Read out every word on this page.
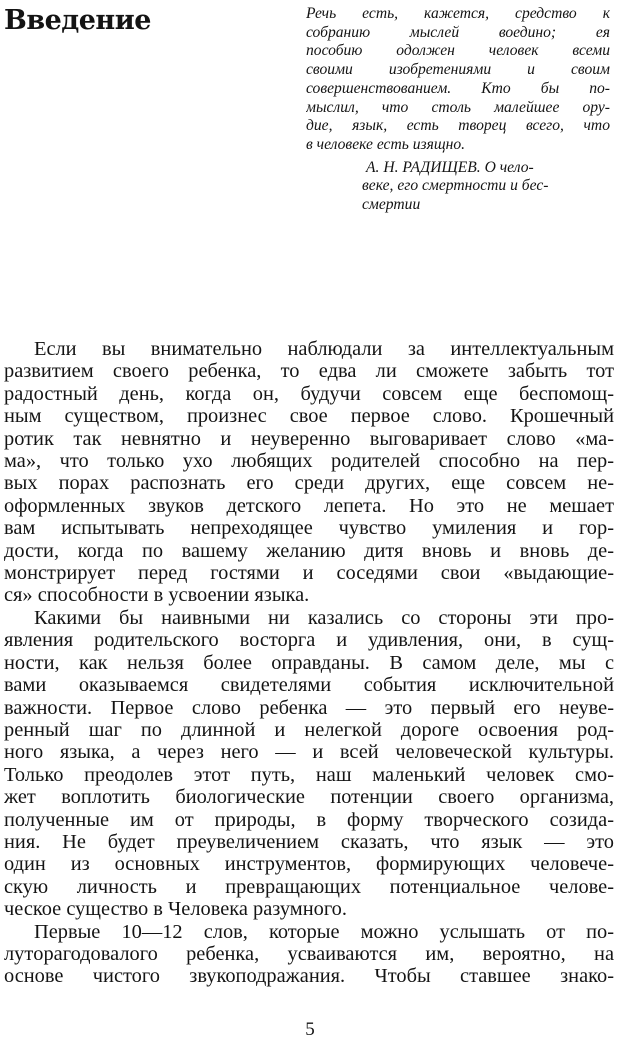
Введение	Речь есть, кажется, средство к
собранию мыслей воедино; ея
пособию одолжен человек всеми
своими изобретениями и своим
совершенствованием. Кто бы по-
мыслил, что столь малейшее ору-
дие, язык, есть творец всего, что
в человеке есть изящно.
А. Н. РАДИЩЕВ. О чело-
веке, его смертности и бес-
смертии

Если вы внимательно наблюдали за интеллектуальным
развитием своего ребенка, то едва ли сможете забыть тот
радостный день, когда он, будучи совсем еще беспомощ-
ным существом, произнес свое первое слово. Крошечный
ротик так невнятно и неуверенно выговаривает слово «ма-
ма», что только ухо любящих родителей способно на пер-
вых порах распознать его среди других, еще совсем не-
оформленных звуков детского лепета. Но это не мешает
вам испытывать непреходящее чувство умиления и гор-
дости, когда по вашему желанию дитя вновь и вновь де-
монстрирует перед гостями и соседями свои «выдающие-
ся» способности в усвоении языка.

Какими бы наивными ни казались со стороны эти про-
явления родительского восторга и удивления, они, в сущ-
ности, как нельзя более оправданы. В самом деле, мы с
вами оказываемся свидетелями события исключительной
важности. Первое слово ребенка — это первый его неуве-
ренный шаг по длинной и нелегкой дороге освоения род-
ного языка, а через него — и всей человеческой культуры.
Только преодолев этот путь, наш маленький человек смо-
жет воплотить биологические потенции своего организма,
полученные им от природы, в форму творческого созида-
ния. Не будет преувеличением сказать, что язык — это
один из основных инструментов, формирующих человече-
скую личность и превращающих потенциальное челове-
ческое существо в Человека разумного.

Первые 10—12 слов, которые можно услышать от по-
лутoрагодовалого ребенка, усваиваются им, вероятно, на
основе чистого звукоподражания. Чтобы ставшее знако-

5
